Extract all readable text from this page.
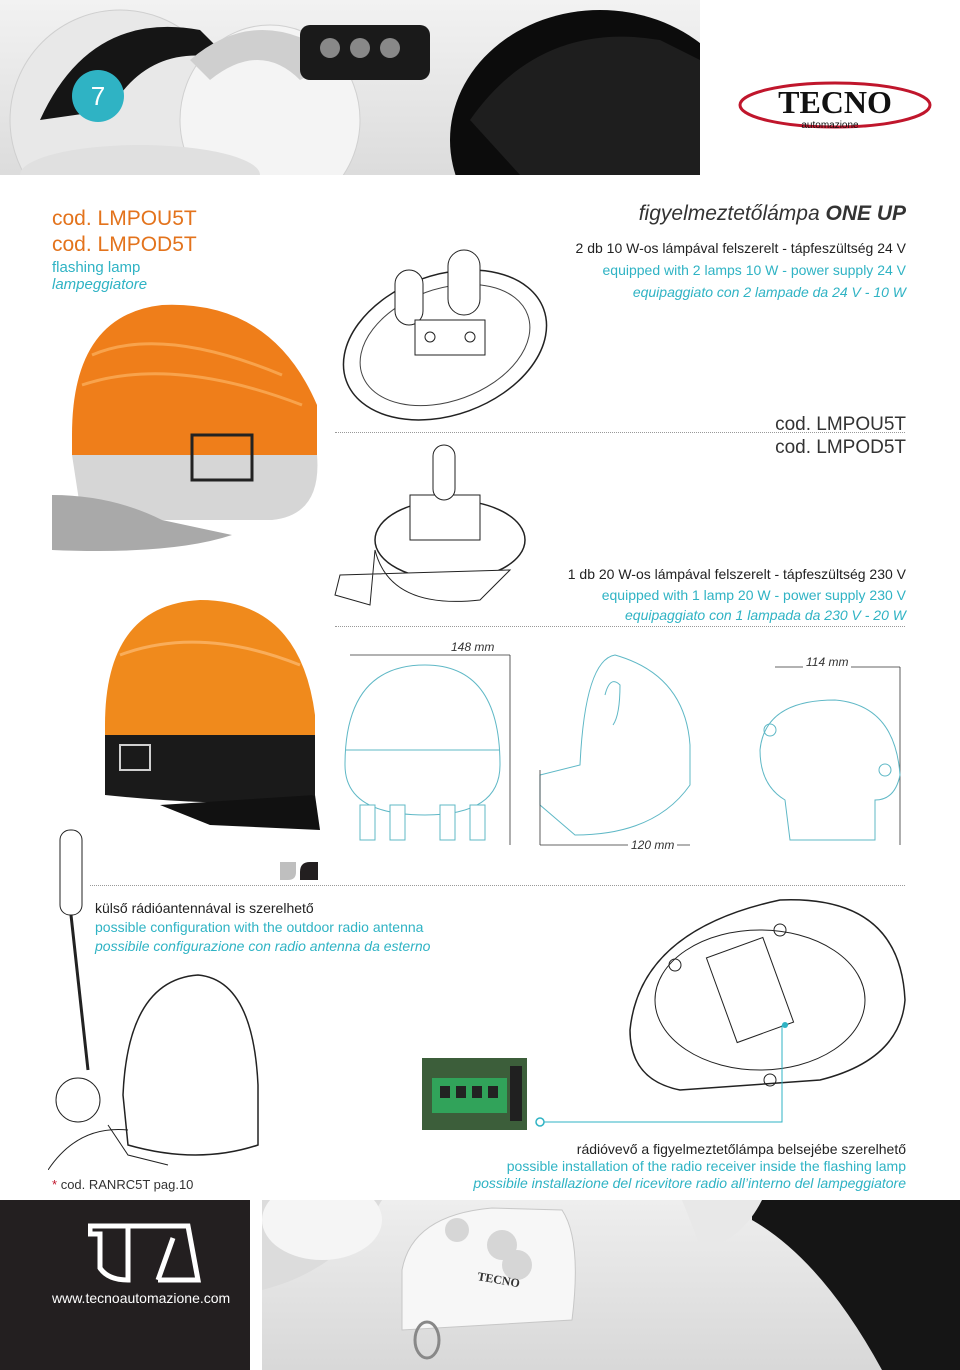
7	TECNO
automazione
cod. LMPOU5T
cod. LMPOD5T
flashing lamp
lampeggiatore
figyelmeztetőlámpa ONE UP
2 db 10 W-os lámpával felszerelt - tápfeszültség 24 V
equipped with 2 lamps 10 W - power supply 24 V
equipaggiato con 2 lampade da 24 V - 10 W
cod. LMPOU5T
cod. LMPOD5T
1 db 20 W-os lámpával felszerelt - tápfeszültség 230 V
equipped with 1 lamp 20 W - power supply 230 V
equipaggiato con 1 lampada da 230 V - 20 W
148 mm
114 mm
120 mm
külső rádióantennával is szerelhető
possible configuration with the outdoor radio antenna
possibile configurazione con radio antenna da esterno
rádióvevő a figyelmeztetőlámpa belsejébe szerelhető
possible installation of the radio receiver inside the flashing lamp
possibile installazione del ricevitore radio all’interno del lampeggiatore
* cod. RANRC5T pag.10
www.tecnoautomazione.com
TECNO
